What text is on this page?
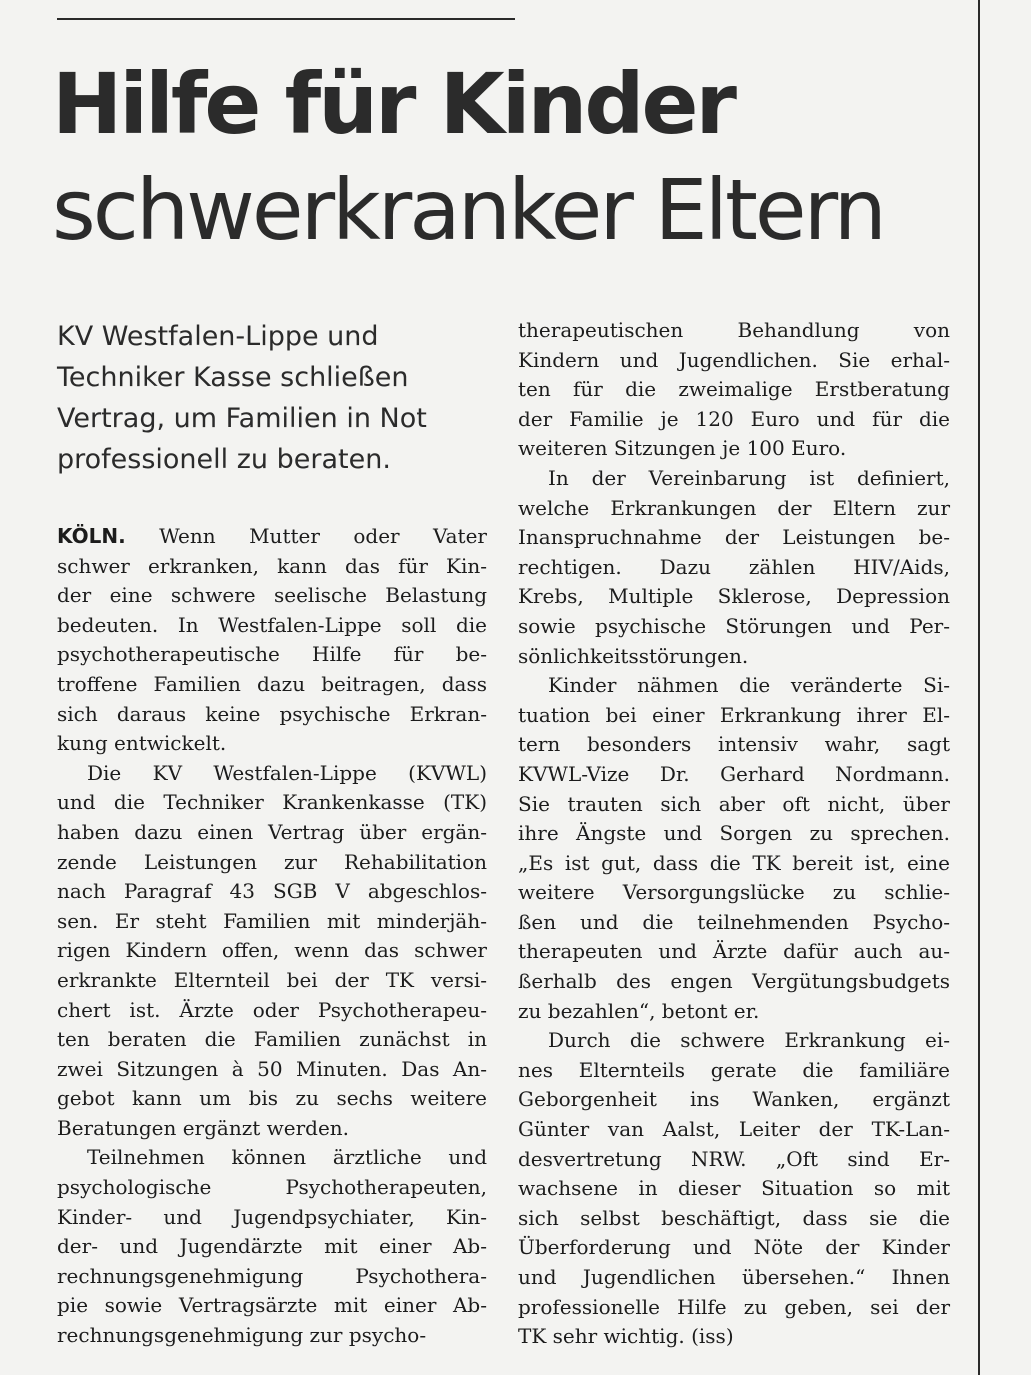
Hilfe für Kinder
schwerkranker Eltern
KV Westfalen-Lippe und
Techniker Kasse schließen
Vertrag, um Familien in Not
professionell zu beraten.
KÖLN. Wenn Mutter oder Vater
schwer erkranken, kann das für Kin-
der eine schwere seelische Belastung
bedeuten. In Westfalen-Lippe soll die
psychotherapeutische Hilfe für be-
troffene Familien dazu beitragen, dass
sich daraus keine psychische Erkran-
kung entwickelt.
Die KV Westfalen-Lippe (KVWL)
und die Techniker Krankenkasse (TK)
haben dazu einen Vertrag über ergän-
zende Leistungen zur Rehabilitation
nach Paragraf 43 SGB V abgeschlos-
sen. Er steht Familien mit minderjäh-
rigen Kindern offen, wenn das schwer
erkrankte Elternteil bei der TK versi-
chert ist. Ärzte oder Psychotherapeu-
ten beraten die Familien zunächst in
zwei Sitzungen à 50 Minuten. Das An-
gebot kann um bis zu sechs weitere
Beratungen ergänzt werden.
Teilnehmen können ärztliche und
psychologische Psychotherapeuten,
Kinder- und Jugendpsychiater, Kin-
der- und Jugendärzte mit einer Ab-
rechnungsgenehmigung Psychothera-
pie sowie Vertragsärzte mit einer Ab-
rechnungsgenehmigung zur psycho-
therapeutischen Behandlung von
Kindern und Jugendlichen. Sie erhal-
ten für die zweimalige Erstberatung
der Familie je 120 Euro und für die
weiteren Sitzungen je 100 Euro.
In der Vereinbarung ist definiert,
welche Erkrankungen der Eltern zur
Inanspruchnahme der Leistungen be-
rechtigen. Dazu zählen HIV/Aids,
Krebs, Multiple Sklerose, Depression
sowie psychische Störungen und Per-
sönlichkeitsstörungen.
Kinder nähmen die veränderte Si-
tuation bei einer Erkrankung ihrer El-
tern besonders intensiv wahr, sagt
KVWL-Vize Dr. Gerhard Nordmann.
Sie trauten sich aber oft nicht, über
ihre Ängste und Sorgen zu sprechen.
„Es ist gut, dass die TK bereit ist, eine
weitere Versorgungslücke zu schlie-
ßen und die teilnehmenden Psycho-
therapeuten und Ärzte dafür auch au-
ßerhalb des engen Vergütungsbudgets
zu bezahlen“, betont er.
Durch die schwere Erkrankung ei-
nes Elternteils gerate die familiäre
Geborgenheit ins Wanken, ergänzt
Günter van Aalst, Leiter der TK-Lan-
desvertretung NRW. „Oft sind Er-
wachsene in dieser Situation so mit
sich selbst beschäftigt, dass sie die
Überforderung und Nöte der Kinder
und Jugendlichen übersehen.“ Ihnen
professionelle Hilfe zu geben, sei der
TK sehr wichtig. (iss)
